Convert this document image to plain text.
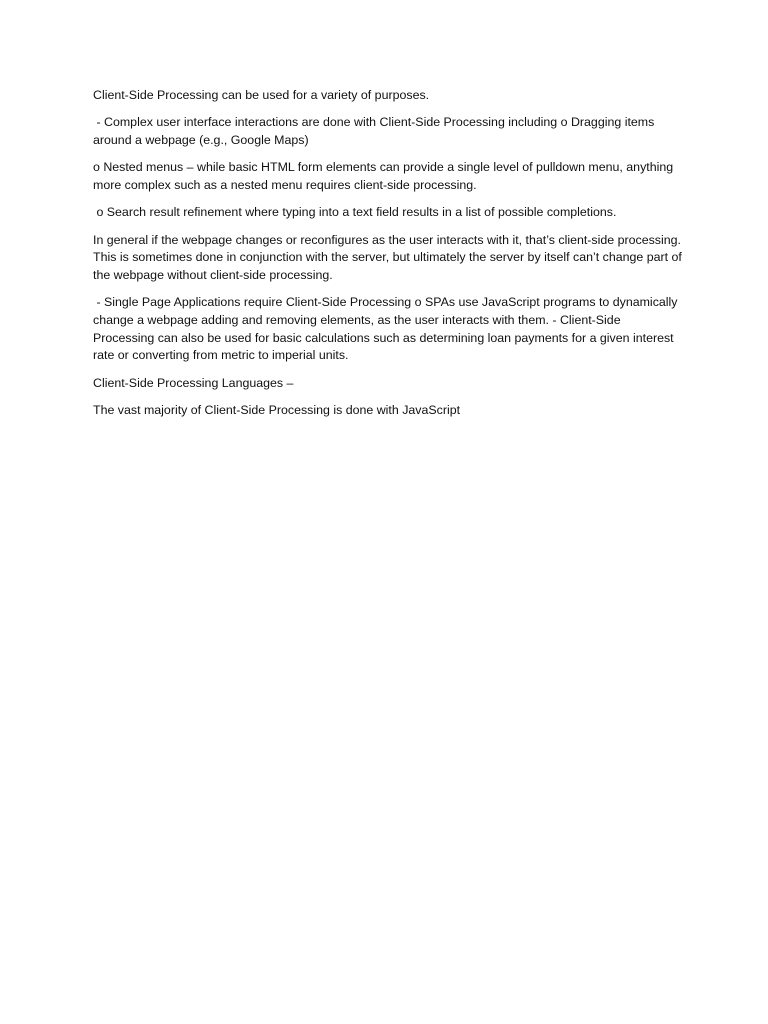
Client-Side Processing can be used for a variety of purposes.

- Complex user interface interactions are done with Client-Side Processing including o Dragging items around a webpage (e.g., Google Maps)

o Nested menus – while basic HTML form elements can provide a single level of pulldown menu, anything more complex such as a nested menu requires client-side processing.

o Search result refinement where typing into a text field results in a list of possible completions.

In general if the webpage changes or reconfigures as the user interacts with it, that’s client-side processing. This is sometimes done in conjunction with the server, but ultimately the server by itself can’t change part of the webpage without client-side processing.

- Single Page Applications require Client-Side Processing o SPAs use JavaScript programs to dynamically change a webpage adding and removing elements, as the user interacts with them. - Client-Side Processing can also be used for basic calculations such as determining loan payments for a given interest rate or converting from metric to imperial units.

Client-Side Processing Languages –

The vast majority of Client-Side Processing is done with JavaScript
